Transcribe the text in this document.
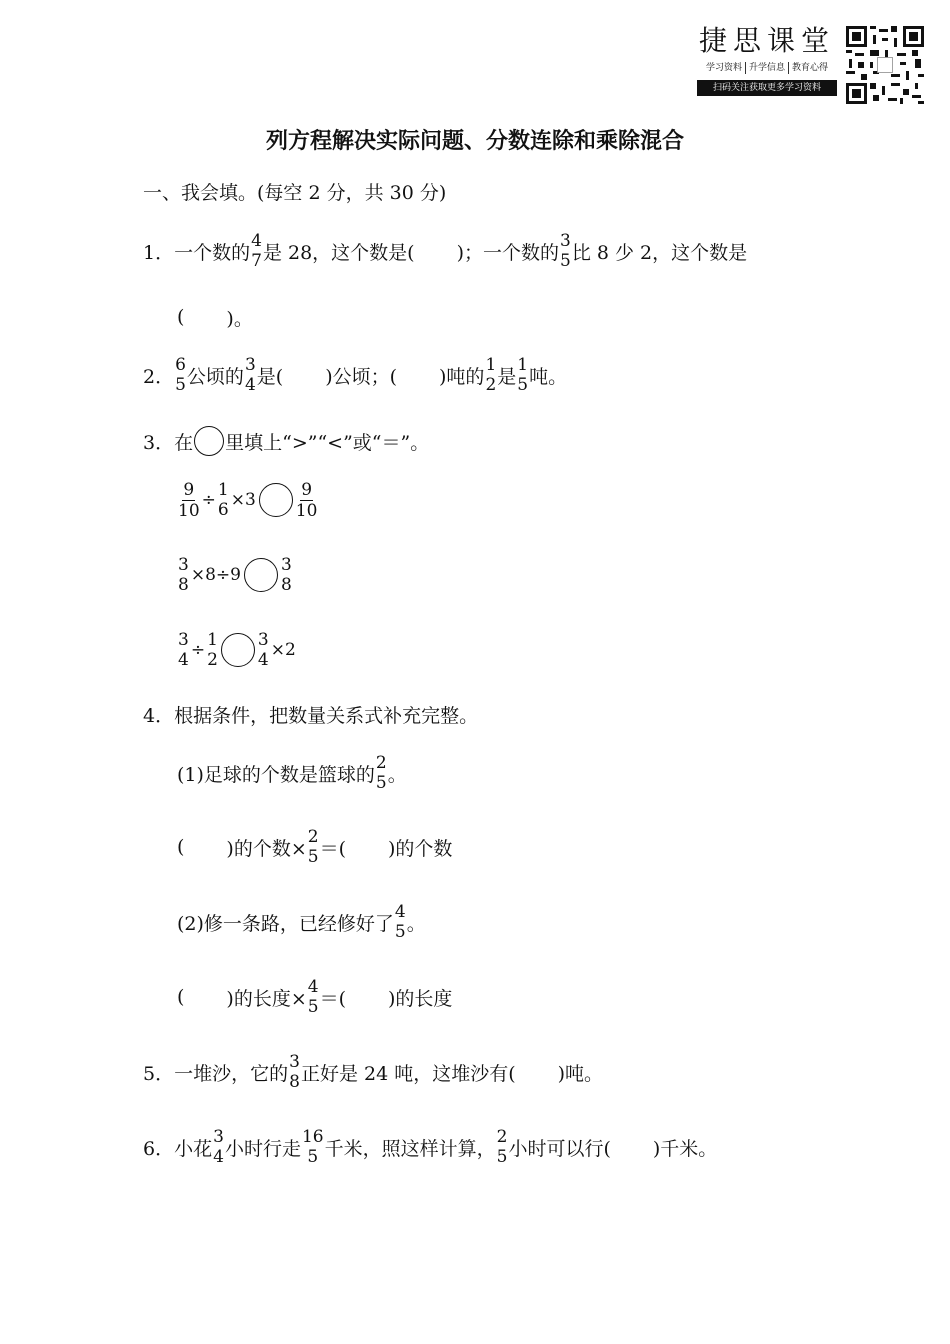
捷思课堂
学习资料 升学信息 教育心得
扫码关注获取更多学习资料
列方程解决实际问题、分数连除和乘除混合
一、我会填。(每空 2 分，共 30 分)
1． 一个数的
4
7 是 28，这个数是( )；一个数的
3
5 比 8 少 2，这个数是
( )。
2．
6
5 公顷的
3
4 是( )公顷；( )吨的
1
2 是
1
5 吨。
3． 在 里填上“>”“<”或“＝”。
$\frac{9}{10} \div 1$
$6 \times 3 \frac{9}{10}$
3
8 ×8÷9 3
8
3
4 ÷ 1
2
3
4 ×2
4． 根据条件，把数量关系式补充完整。
(1)足球的个数是篮球的
2
5 。
( )的个数×
2
5 ＝( )的个数
(2)修一条路，已经修好了
4
5 。
( )的长度×
4
5 ＝( )的长度
5． 一堆沙，它的
3
8 正好是 24 吨，这堆沙有( )吨。
6． 小花
3
4 小时行走
16
5 千米，照这样计算，
2
5 小时可以行( )千米。
